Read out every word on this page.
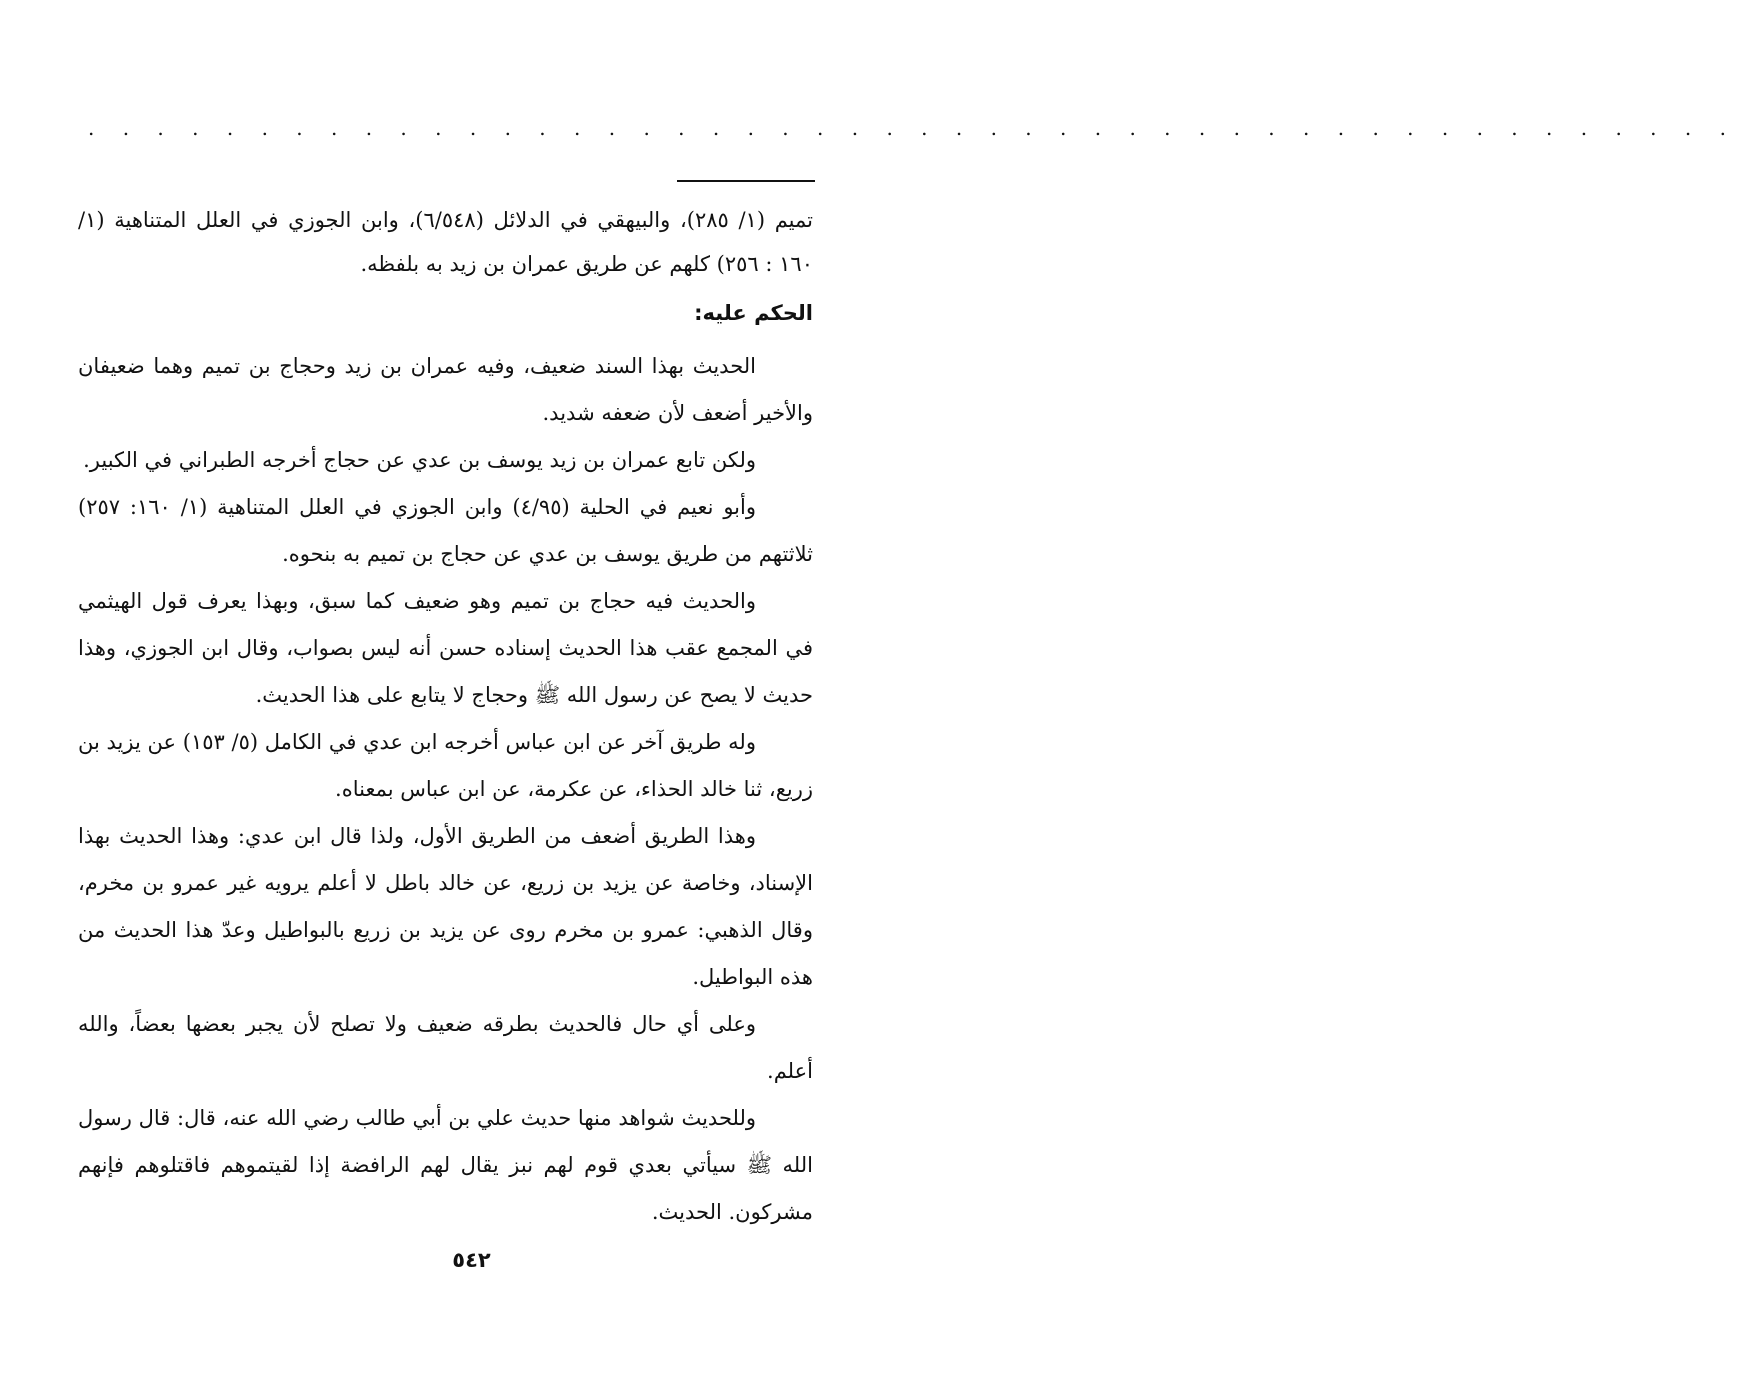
. . . . . . . . . . . . . . . . . . . . . . . . . . . . . . . . . . . . . . . . . . . . . . . .

تميم (١/ ٢٨٥)، والبيهقي في الدلائل (٦/٥٤٨)، وابن الجوزي في العلل المتناهية (١/ ١٦٠ : ٢٥٦) كلهم عن طريق عمران بن زيد به بلفظه.

الحكم عليه:

الحديث بهذا السند ضعيف، وفيه عمران بن زيد وحجاج بن تميم وهما ضعيفان والأخير أضعف لأن ضعفه شديد.

ولكن تابع عمران بن زيد يوسف بن عدي عن حجاج أخرجه الطبراني في الكبير.

وأبو نعيم في الحلية (٤/٩٥) وابن الجوزي في العلل المتناهية (١/ ١٦٠: ٢٥٧) ثلاثتهم من طريق يوسف بن عدي عن حجاج بن تميم به بنحوه.

والحديث فيه حجاج بن تميم وهو ضعيف كما سبق، وبهذا يعرف قول الهيثمي في المجمع عقب هذا الحديث إسناده حسن أنه ليس بصواب، وقال ابن الجوزي، وهذا حديث لا يصح عن رسول الله ﷺ وحجاج لا يتابع على هذا الحديث.

وله طريق آخر عن ابن عباس أخرجه ابن عدي في الكامل (٥/ ١٥٣) عن يزيد بن زريع، ثنا خالد الحذاء، عن عكرمة، عن ابن عباس بمعناه.

وهذا الطريق أضعف من الطريق الأول، ولذا قال ابن عدي: وهذا الحديث بهذا الإسناد، وخاصة عن يزيد بن زريع، عن خالد باطل لا أعلم يرويه غير عمرو بن مخرم، وقال الذهبي: عمرو بن مخرم روى عن يزيد بن زريع بالبواطيل وعدّ هذا الحديث من هذه البواطيل.

وعلى أي حال فالحديث بطرقه ضعيف ولا تصلح لأن يجبر بعضها بعضاً، والله أعلم.

وللحديث شواهد منها حديث علي بن أبي طالب رضي الله عنه، قال: قال رسول الله ﷺ سيأتي بعدي قوم لهم نبز يقال لهم الرافضة إذا لقيتموهم فاقتلوهم فإنهم مشركون. الحديث.

٥٤٢
